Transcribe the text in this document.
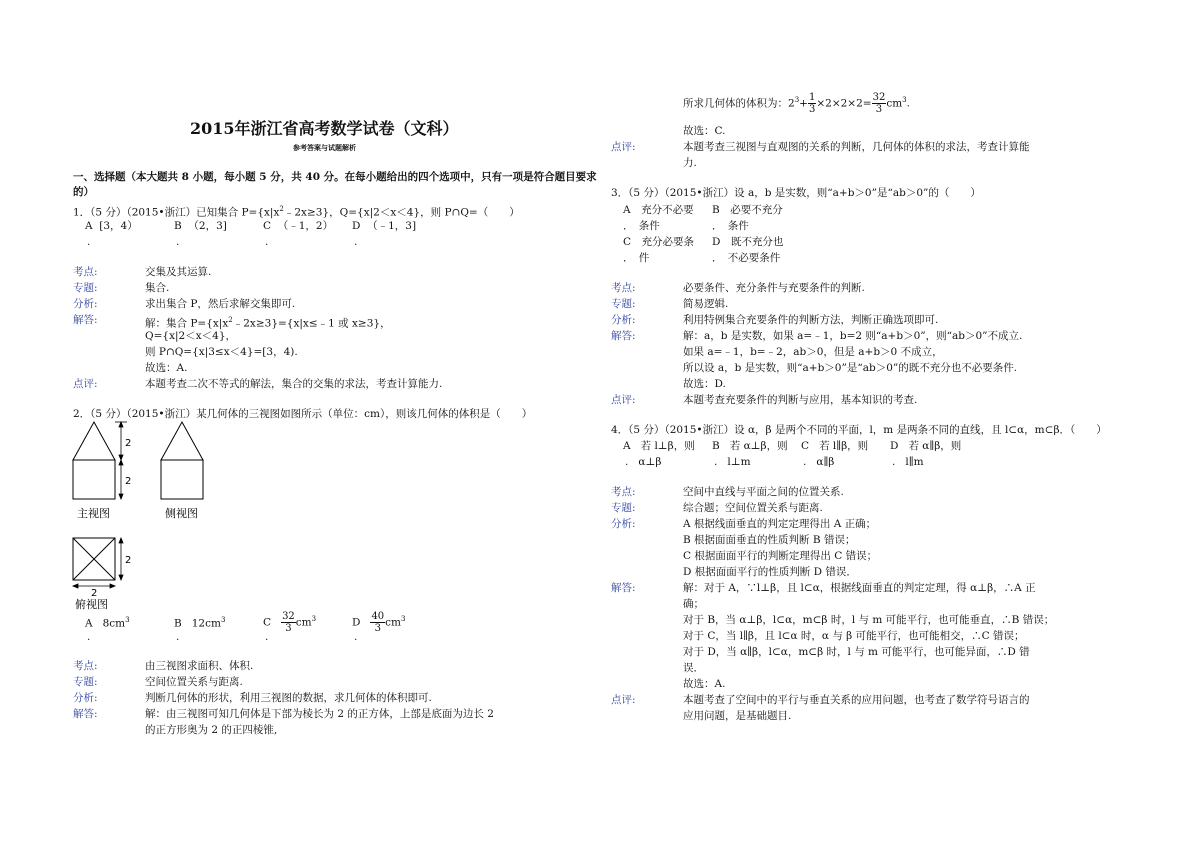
2015年浙江省高考数学试卷（文科）
参考答案与试题解析
一、选择题（本大题共 8 小题，每小题 5 分，共 40 分。在每小题给出的四个选项中，只有一项是符合题目要求
的）
1．（5 分）（2015•浙江）已知集合 $P=\{x|x^2﹣2x\ge 3\}$，Q={x|2＜x＜4}，则 P∩Q=（　　）
A [3，4）	B （2，3]	C （﹣1，2） D （﹣1，3]
.	.	.	.
考点:	交集及其运算.
专题:	集合.
分析:	求出集合 P，然后求解交集即可.
解答:	解：集合 $P=\{x|x^2﹣2x\ge 3\}=\{x|x\le﹣1$ 或 x≥3}，
Q={x|2＜x＜4}，
则 P∩Q={x|3≤x＜4}=[3，4).
故选：A.
点评:	本题考查二次不等式的解法，集合的交集的求法，考查计算能力.
2．（5 分）（2015•浙江）某几何体的三视图如图所示（单位：cm），则该几何体的体积是（　　）
2
2
主视图	侧视图
2
2
俯视图
A $8cm^3$	B $12cm^3$	C $\frac{32}{3} cm^3$	D $\frac{40}{3} cm^3$
.	.	.	.
考点:	由三视图求面积、体积.
专题:	空间位置关系与距离.
分析:	判断几何体的形状，利用三视图的数据，求几何体的体积即可.
解答:	解：由三视图可知几何体是下部为棱长为 2 的正方体，上部是底面为边长 2
的正方形奥为 2 的正四棱锥,
所求几何体的体积为：$2^3+ \frac{1}{3} \times 2\times 2\times 2= \frac{32}{3} cm^3$.
故选：C.
点评:	本题考查三视图与直观图的关系的判断，几何体的体积的求法，考查计算能
力.
3．（5 分）（2015•浙江）设 a，b 是实数，则“a+b＞0”是“ab＞0”的（　　）
A　充分不必要
．　条件
B　必要不充分
．　条件
C　充分必要条
．　件
D　既不充分也
．　不必要条件
考点:	必要条件、充分条件与充要条件的判断.
专题:	简易逻辑.
分析:	利用特例集合充要条件的判断方法，判断正确选项即可.
解答:	解：a，b 是实数，如果 a=﹣1，b=2 则“a+b＞0”，则“ab＞0”不成立.
如果 a=﹣1，b=﹣2，ab＞0，但是 a+b＞0 不成立，
所以设 a，b 是实数，则“a+b＞0”是“ab＞0”的既不充分也不必要条件.
故选：D.
点评:	本题考查充要条件的判断与应用，基本知识的考查.
4．（5 分）（2015•浙江）设 α，β 是两个不同的平面，l，m 是两条不同的直线，且 l⊂α，m⊂β．（　　）
A 若 l⊥β，则 B 若 α⊥β，则 C 若 l∥β，则 D 若 α∥β，则
. α⊥β	. l⊥m	. α∥β	. l∥m
考点:	空间中直线与平面之间的位置关系.
专题:	综合题；空间位置关系与距离.
分析:	A 根据线面垂直的判定定理得出 A 正确；
B 根据面面垂直的性质判断 B 错误；
C 根据面面平行的判断定理得出 C 错误；
D 根据面面平行的性质判断 D 错误．
解答:	解：对于 A，∵l⊥β，且 l⊂α，根据线面垂直的判定定理，得 α⊥β，∴A 正
确；
对于 B，当 α⊥β，l⊂α，m⊂β 时，l 与 m 可能平行，也可能垂直，∴B 错误；
对于 C，当 l∥β，且 l⊂α 时，α 与 β 可能平行，也可能相交，∴C 错误；
对于 D，当 α∥β，l⊂α，m⊂β 时，l 与 m 可能平行，也可能异面，∴D 错
误．
故选：A.
点评:	本题考查了空间中的平行与垂直关系的应用问题，也考查了数学符号语言的
应用问题，是基础题目.
